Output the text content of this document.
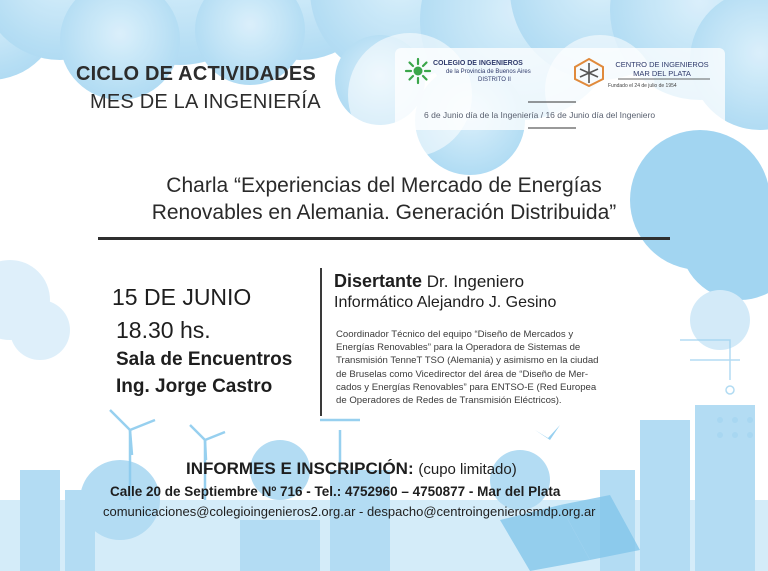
CICLO DE ACTIVIDADES
MES DE LA INGENIERÍA
COLEGIO DE INGENIEROS
de la Provincia de Buenos Aires
DISTRITO II
CENTRO DE INGENIEROS
MAR DEL PLATA
Fundado el 24 de julio de 1954
6 de Junio día de la Ingeniería / 16 de Junio día del Ingeniero
Charla “Experiencias del Mercado de Energías
Renovables en Alemania. Generación Distribuida”
15 DE JUNIO
18.30 hs.
Sala de Encuentros
Ing. Jorge Castro
Disertante Dr. Ingeniero
Informático Alejandro J. Gesino
Coordinador Técnico del equipo “Diseño de Mercados y
Energías Renovables” para la Operadora de Sistemas de
Transmisión TenneT TSO (Alemania) y asimismo en la ciudad
de Bruselas como Vicedirector del área de “Diseño de Mer-
cados y Energías Renovables” para ENTSO-E (Red Europea
de Operadores de Redes de Transmisión Eléctricos).
INFORMES E INSCRIPCIÓN: (cupo limitado)
Calle 20 de Septiembre Nº 716 - Tel.: 4752960 – 4750877 - Mar del Plata
comunicaciones@colegioingenieros2.org.ar - despacho@centroingenierosmdp.org.ar
